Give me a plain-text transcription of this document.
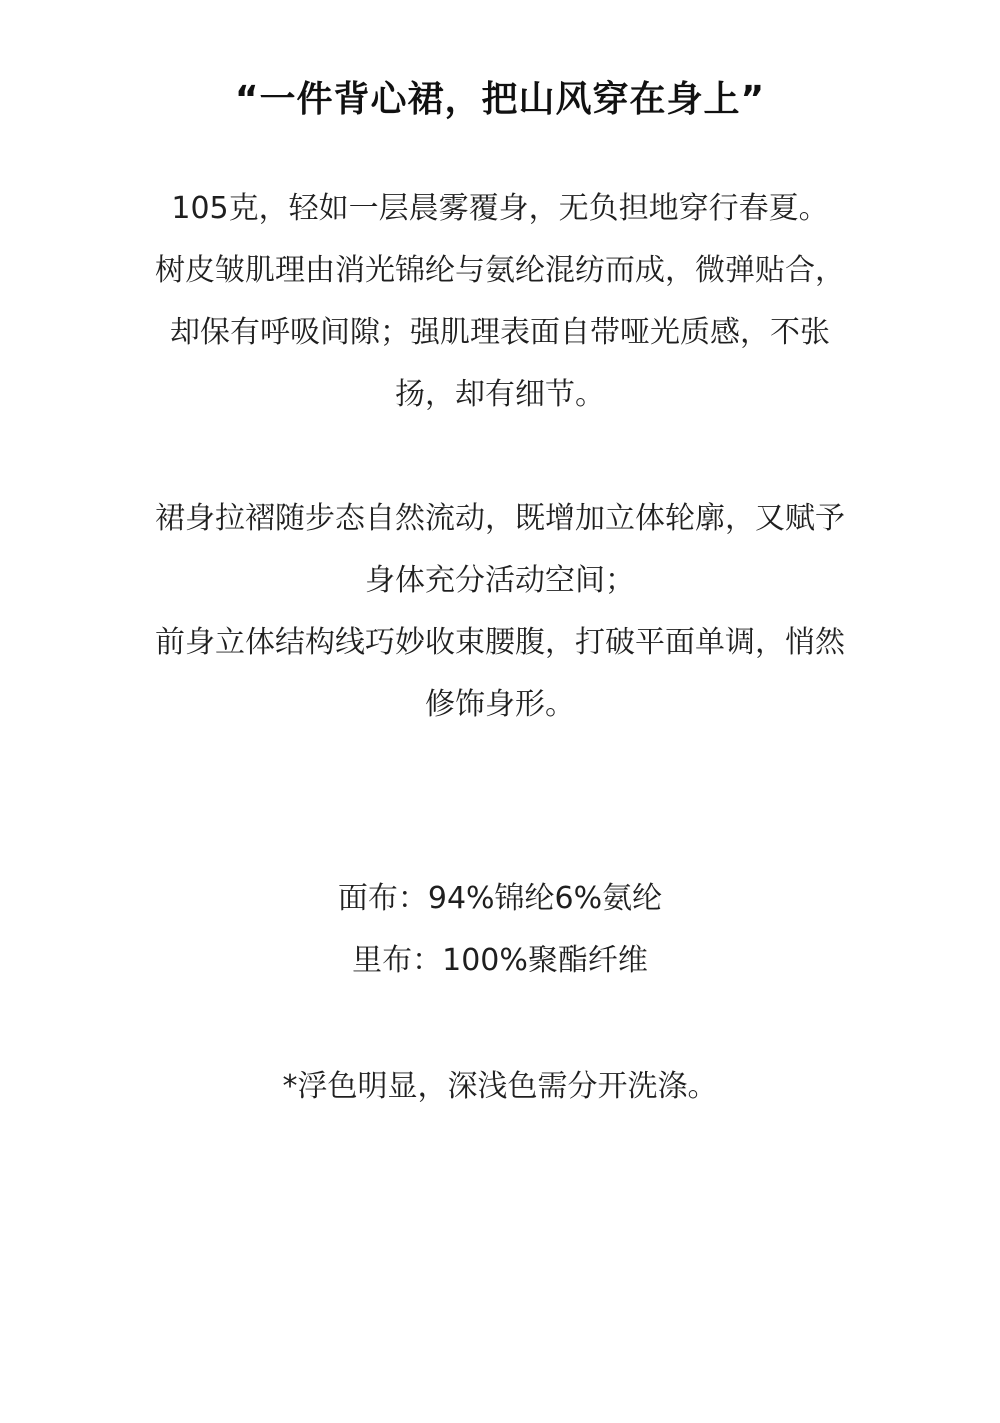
“一件背心裙，把山风穿在身上”

105克，轻如一层晨雾覆身，无负担地穿行春夏。

树皮皱肌理由消光锦纶与氨纶混纺而成，微弹贴合，

却保有呼吸间隙；强肌理表面自带哑光质感，不张

扬，却有细节。

裙身拉褶随步态自然流动，既增加立体轮廓，又赋予

身体充分活动空间；

前身立体结构线巧妙收束腰腹，打破平面单调，悄然

修饰身形。

面布：94%锦纶6%氨纶

里布：100%聚酯纤维

*浮色明显，深浅色需分开洗涤。
